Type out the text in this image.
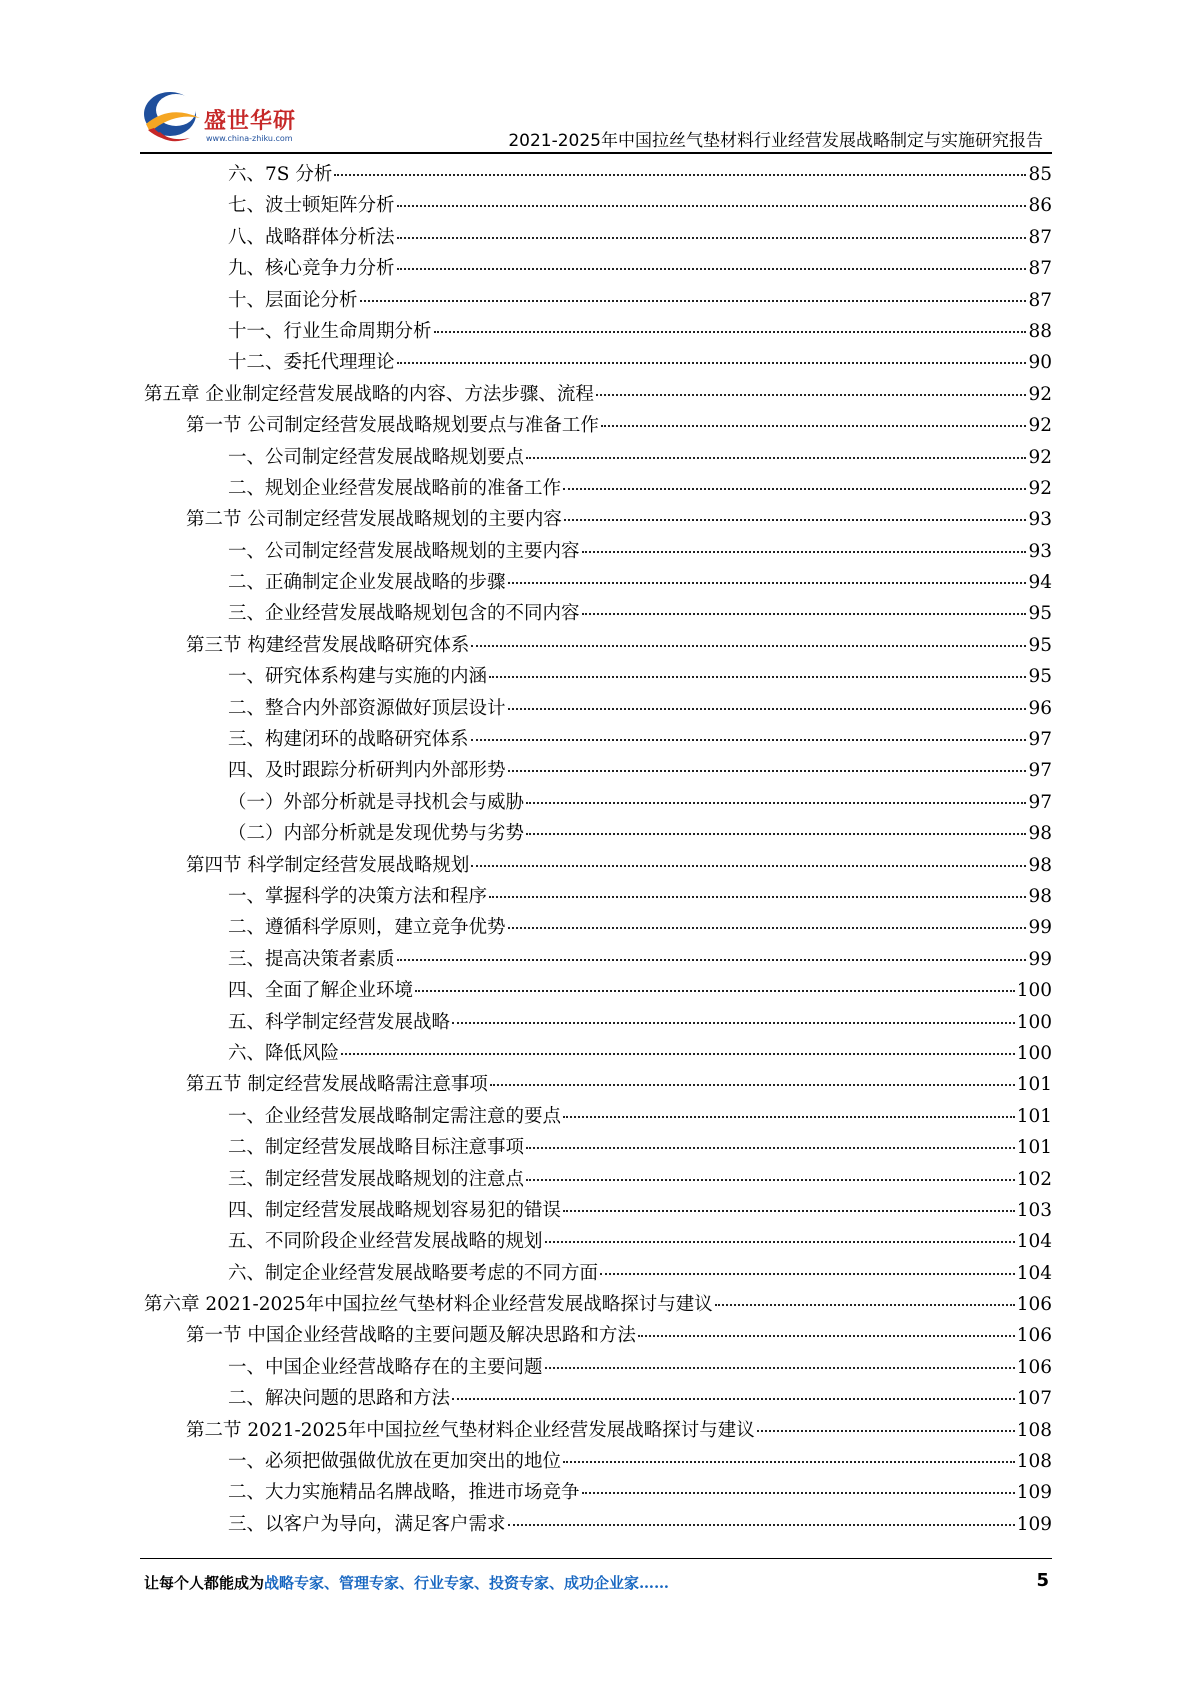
盛世华研
www.china-zhiku.com	2021-2025年中国拉丝气垫材料行业经营发展战略制定与实施研究报告
六、7S 分析	85
七、波士顿矩阵分析	86
八、战略群体分析法	87
九、核心竞争力分析	87
十、层面论分析	87
十一、行业生命周期分析	88
十二、委托代理理论	90
第五章 企业制定经营发展战略的内容、方法步骤、流程	92
第一节 公司制定经营发展战略规划要点与准备工作	92
一、公司制定经营发展战略规划要点	92
二、规划企业经营发展战略前的准备工作	92
第二节 公司制定经营发展战略规划的主要内容	93
一、公司制定经营发展战略规划的主要内容	93
二、正确制定企业发展战略的步骤	94
三、企业经营发展战略规划包含的不同内容	95
第三节 构建经营发展战略研究体系	95
一、研究体系构建与实施的内涵	95
二、整合内外部资源做好顶层设计	96
三、构建闭环的战略研究体系	97
四、及时跟踪分析研判内外部形势	97
（一）外部分析就是寻找机会与威胁	97
（二）内部分析就是发现优势与劣势	98
第四节 科学制定经营发展战略规划	98
一、掌握科学的决策方法和程序	98
二、遵循科学原则，建立竞争优势	99
三、提高决策者素质	99
四、全面了解企业环境	100
五、科学制定经营发展战略	100
六、降低风险	100
第五节 制定经营发展战略需注意事项	101
一、企业经营发展战略制定需注意的要点	101
二、制定经营发展战略目标注意事项	101
三、制定经营发展战略规划的注意点	102
四、制定经营发展战略规划容易犯的错误	103
五、不同阶段企业经营发展战略的规划	104
六、制定企业经营发展战略要考虑的不同方面	104
第六章 2021-2025年中国拉丝气垫材料企业经营发展战略探讨与建议	106
第一节 中国企业经营战略的主要问题及解决思路和方法	106
一、中国企业经营战略存在的主要问题	106
二、解决问题的思路和方法	107
第二节 2021-2025年中国拉丝气垫材料企业经营发展战略探讨与建议	108
一、必须把做强做优放在更加突出的地位	108
二、大力实施精品名牌战略，推进市场竞争	109
三、以客户为导向，满足客户需求	109
让每个人都能成为战略专家、管理专家、行业专家、投资专家、成功企业家……	5
